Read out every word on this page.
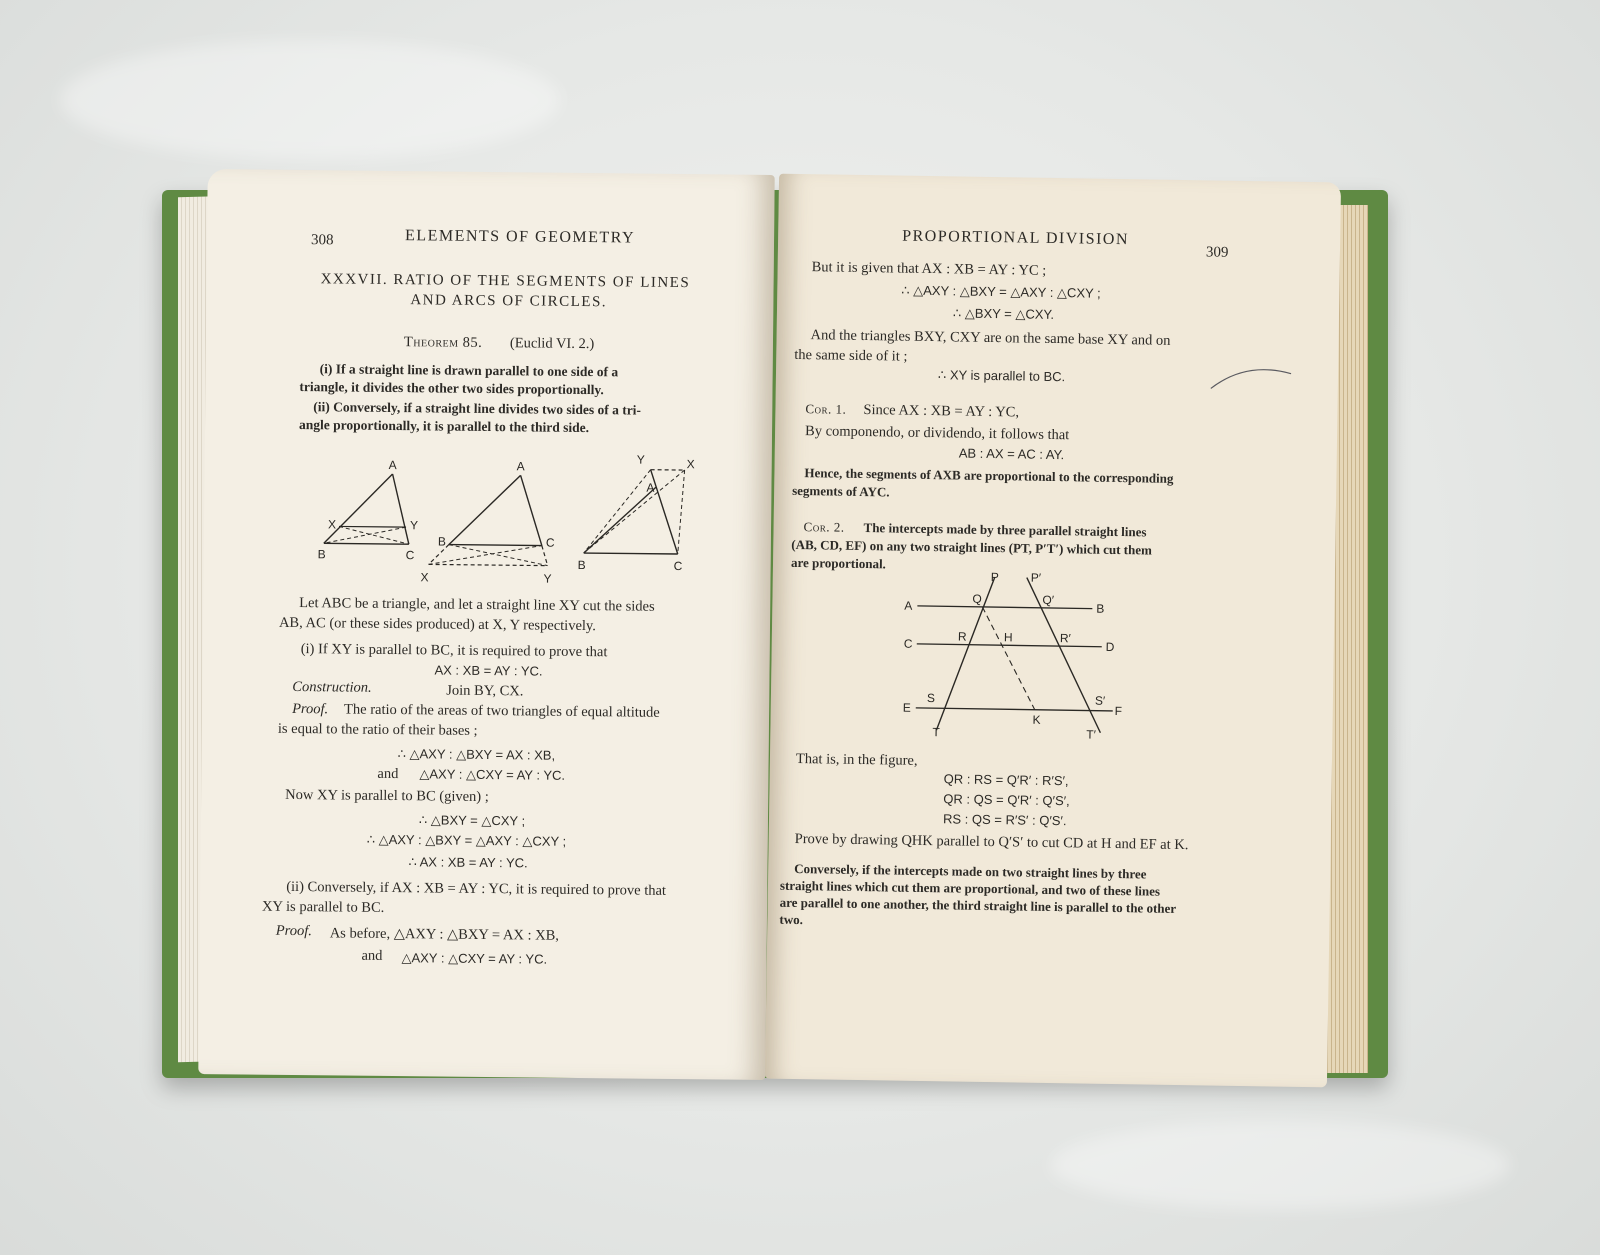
308	ELEMENTS OF GEOMETRY
XXXVII. RATIO OF THE SEGMENTS OF LINES
AND ARCS OF CIRCLES.
Theorem 85. (Euclid VI. 2.)
(i) If a straight line is drawn parallel to one side of a
triangle, it divides the other two sides proportionally.
(ii) Conversely, if a straight line divides two sides of a tri-
angle proportionally, it is parallel to the third side.
A
X	Y
B	C
A
B	C
X	Y
Y	X
A
B	C
Let ABC be a triangle, and let a straight line XY cut the sides
AB, AC (or these sides produced) at X, Y respectively.
(i) If XY is parallel to BC, it is required to prove that
AX : XB = AY : YC.
Construction.	Join BY, CX.
Proof. The ratio of the areas of two triangles of equal altitude
is equal to the ratio of their bases ;
∴ △AXY : △BXY = AX : XB,
and △AXY : △CXY = AY : YC.
Now XY is parallel to BC (given) ;
∴ △BXY = △CXY ;
∴ △AXY : △BXY = △AXY : △CXY ;
∴ AX : XB = AY : YC.
(ii) Conversely, if AX : XB = AY : YC, it is required to prove that
XY is parallel to BC.
Proof. As before, △AXY : △BXY = AX : XB,
and △AXY : △CXY = AY : YC.
PROPORTIONAL DIVISION
309
But it is given that AX : XB = AY : YC ;
∴ △AXY : △BXY = △AXY : △CXY ;
∴ △BXY = △CXY.
And the triangles BXY, CXY are on the same base XY and on
the same side of it ;
∴ XY is parallel to BC.
Cor. 1. Since AX : XB = AY : YC,
By componendo, or dividendo, it follows that
AB : AX = AC : AY.
Hence, the segments of AXB are proportional to the corresponding
segments of AYC.
Cor. 2. The intercepts made by three parallel straight lines
(AB, CD, EF) on any two straight lines (PT, P′T′) which cut them
are proportional.
P	P′
A	Q	Q′
B
C
R	H	R′
D
E
S
K
S′
F
T	T′
That is, in the figure,
QR : RS = Q′R′ : R′S′,
QR : QS = Q′R′ : Q′S′,
RS : QS = R′S′ : Q′S′.
Prove by drawing QHK parallel to Q′S′ to cut CD at H and EF at K.
Conversely, if the intercepts made on two straight lines by three
straight lines which cut them are proportional, and two of these lines
are parallel to one another, the third straight line is parallel to the other
two.
